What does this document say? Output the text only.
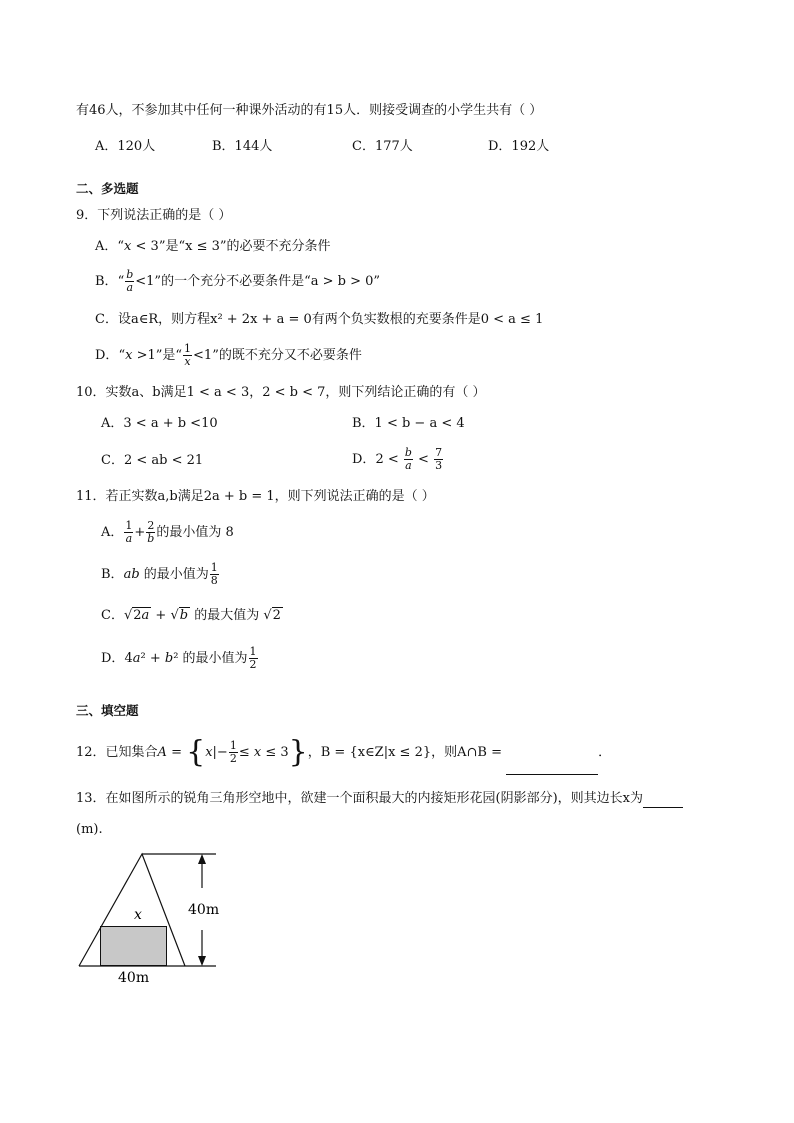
有46人，不参加其中任何一种课外活动的有15人．则接受调查的小学生共有（ ）
A．120人	B．144人	C．177人	D．192人
二、多选题
9．下列说法正确的是（ ）
A．“x < 3”是“x ≤ 3”的必要不充分条件
B．“ $\frac{b}{a} <1$”的一个充分不必要条件是“a > b > 0”
C．设a∈R，则方程x² + 2x + a = 0有两个负实数根的充要条件是0 < a ≤ 1
D．“x >1”是“ $\frac{1}{x} <1$”的既不充分又不必要条件
10．实数a、b满足1 < a < 3，2 < b < 7，则下列结论正确的有（ ）
A．3 < a + b <10	B．1 < b − a < 4
C．2 < ab < 21	D．$2 < \frac{b}{a} < \frac{7}{3}$
11．若正实数a,b满足2a + b = 1，则下列说法正确的是（ ）
A． $\frac{1}{a} + \frac{2}{b}$ 的最小值为 8
B．ab 的最小值为 $\frac{1}{8}$
C．√2a + √b 的最大值为 √2
D．4a² + b² 的最小值为 $\frac{1}{2}$
三、填空题
12．已知集合$A = \{x|- \frac{1}{2} \le x \le 3\}$，B = {x∈Z|x ≤ 2}，则A∩B =	．
13．在如图所示的锐角三角形空地中，欲建一个面积最大的内接矩形花园(阴影部分)，则其边长x为
(m).
x	40m
40m
